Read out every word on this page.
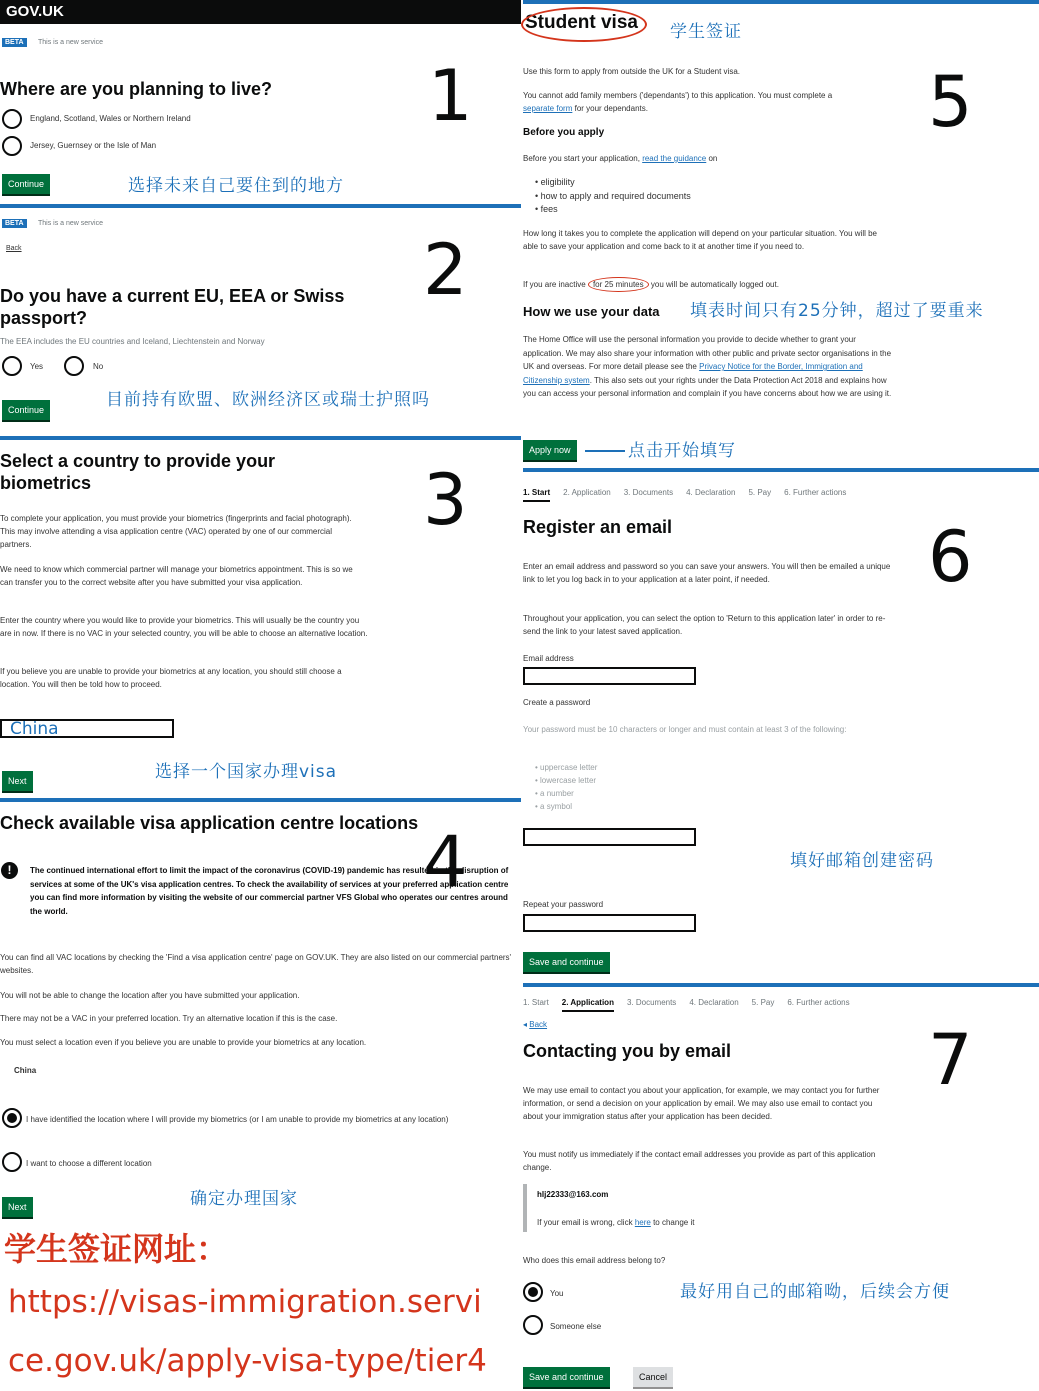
GOV.UK
BETA	This is a new service
Where are you planning to live?
England, Scotland, Wales or Northern Ireland
Jersey, Guernsey or the Isle of Man
Continue
1
选择未来自己要住到的地方
BETA	This is a new service
Back
Do you have a current EU, EEA or Swiss passport?
The EEA includes the EU countries and Iceland, Liechtenstein and Norway
Yes	No
Continue
2
目前持有欧盟、欧洲经济区或瑞士护照吗
Select a country to provide your biometrics
To complete your application, you must provide your biometrics (fingerprints and facial photograph). This may involve attending a visa application centre (VAC) operated by one of our commercial partners.
We need to know which commercial partner will manage your biometrics appointment. This is so we can transfer you to the correct website after you have submitted your visa application.
Enter the country where you would like to provide your biometrics. This will usually be the country you are in now. If there is no VAC in your selected country, you will be able to choose an alternative location.
If you believe you are unable to provide your biometrics at any location, you should still choose a location. You will then be told how to proceed.
China
Next
3
选择一个国家办理visa
Check available visa application centre locations
!	The continued international effort to limit the impact of the coronavirus (COVID-19) pandemic has resulted in the disruption of services at some of the UK's visa application centres. To check the availability of services at your preferred application centre you can find more information by visiting the website of our commercial partner VFS Global who operates our centres around the world.
You can find all VAC locations by checking the 'Find a visa application centre' page on GOV.UK. They are also listed on our commercial partners' websites.
You will not be able to change the location after you have submitted your application.
There may not be a VAC in your preferred location. Try an alternative location if this is the case.
You must select a location even if you believe you are unable to provide your biometrics at any location.
China
I have identified the location where I will provide my biometrics (or I am unable to provide my biometrics at any location)
I want to choose a different location
Next
4
确定办理国家
学生签证网址：
https://visas-immigration.servi
ce.gov.uk/apply-visa-type/tier4
Student visa 学生签证
5
Use this form to apply from outside the UK for a Student visa.
You cannot add family members ('dependants') to this application. You must complete a separate form for your dependants.
Before you apply
Before you start your application, read the guidance on
• eligibility
• how to apply and required documents
• fees
How long it takes you to complete the application will depend on your particular situation. You will be able to save your application and come back to it at another time if you need to.
If you are inactive for 25 minutes you will be automatically logged out.
How we use your data 填表时间只有25分钟，超过了要重来
The Home Office will use the personal information you provide to decide whether to grant your application. We may also share your information with other public and private sector organisations in the UK and overseas. For more detail please see the Privacy Notice for the Border, Immigration and Citizenship system. This also sets out your rights under the Data Protection Act 2018 and explains how you can access your personal information and complain if you have concerns about how we are using it.
Apply now	点击开始填写
1. Start 2. Application 3. Documents 4. Declaration 5. Pay 6. Further actions
Register an email	6
Enter an email address and password so you can save your answers. You will then be emailed a unique link to let you log back in to your application at a later point, if needed.
Throughout your application, you can select the option to 'Return to this application later' in order to re-send the link to your latest saved application.
Email address
Create a password
Your password must be 10 characters or longer and must contain at least 3 of the following:
• uppercase letter
• lowercase letter
• a number
• a symbol
填好邮箱创建密码
Repeat your password
Save and continue
1. Start 2. Application 3. Documents 4. Declaration 5. Pay 6. Further actions
◂ Back
Contacting you by email	7
We may use email to contact you about your application, for example, we may contact you for further information, or send a decision on your application by email. We may also use email to contact you about your immigration status after your application has been decided.
You must notify us immediately if the contact email addresses you provide as part of this application change.
hlj22333@163.com
If your email is wrong, click here to change it
Who does this email address belong to?
You	最好用自己的邮箱呦，后续会方便
Someone else
Save and continue	Cancel
